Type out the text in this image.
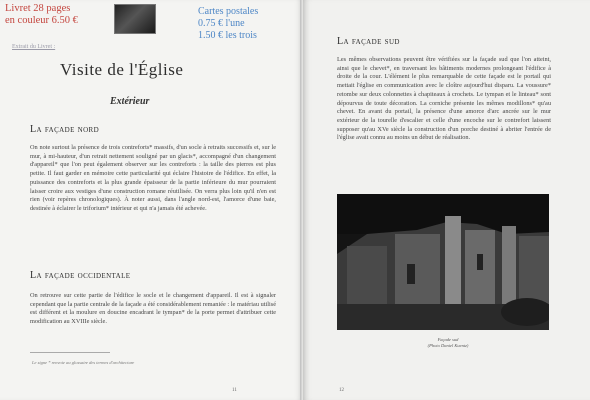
Livret 28 pages
en couleur 6.50 €
Extrait du Livret :
Cartes postales
0.75 € l'une
1.50 € les trois
Visite de l'Église
Extérieur
La façade nord
On note surtout la présence de trois contreforts* massifs, d'un socle à retraits successifs et, sur le mur, à mi-hauteur, d'un retrait nettement souligné par un glacis*, accompagné d'un changement d'appareil* que l'on peut également observer sur les contreforts : la taille des pierres est plus petite. Il faut garder en mémoire cette particularité qui éclaire l'histoire de l'édifice. En effet, la puissance des contreforts et la plus grande épaisseur de la partie inférieure du mur pourraient laisser croire aux vestiges d'une construction romane réutilisée. On verra plus loin qu'il n'en est rien (voir repères chronologiques). À noter aussi, dans l'angle nord-est, l'amorce d'une baie, destinée à éclairer le triforium* intérieur et qui n'a jamais été achevée.
La façade occidentale
On retrouve sur cette partie de l'édifice le socle et le changement d'appareil. Il est à signaler cependant que la partie centrale de la façade a été considérablement remaniée : le matériau utilisé est différent et la moulure en doucine encadrant le tympan* de la porte permet d'attribuer cette modification au XVIIIe siècle.
Le signe * renvoie au glossaire des termes d'architecture
11
La façade sud
Les mêmes observations peuvent être vérifiées sur la façade sud que l'on atteint, ainsi que le chevet*, en traversant les bâtiments modernes prolongeant l'édifice à droite de la cour. L'élément le plus remarquable de cette façade est le portail qui mettait l'église en communication avec le cloître aujourd'hui disparu. La voussure* retombe sur deux colonnettes à chapiteaux à crochets. Le tympan et le linteau* sont dépourvus de toute décoration. La corniche présente les mêmes modillons* qu'au chevet. En avant du portail, la présence d'une amorce d'arc ancrée sur le mur extérieur de la tourelle d'escalier et celle d'une encoche sur le contrefort laissent supposer qu'au XVe siècle la construction d'un porche destiné à abriter l'entrée de l'église avait connu au moins un début de réalisation.
Façade sud
(Photo Daniel Kuentz)
12
